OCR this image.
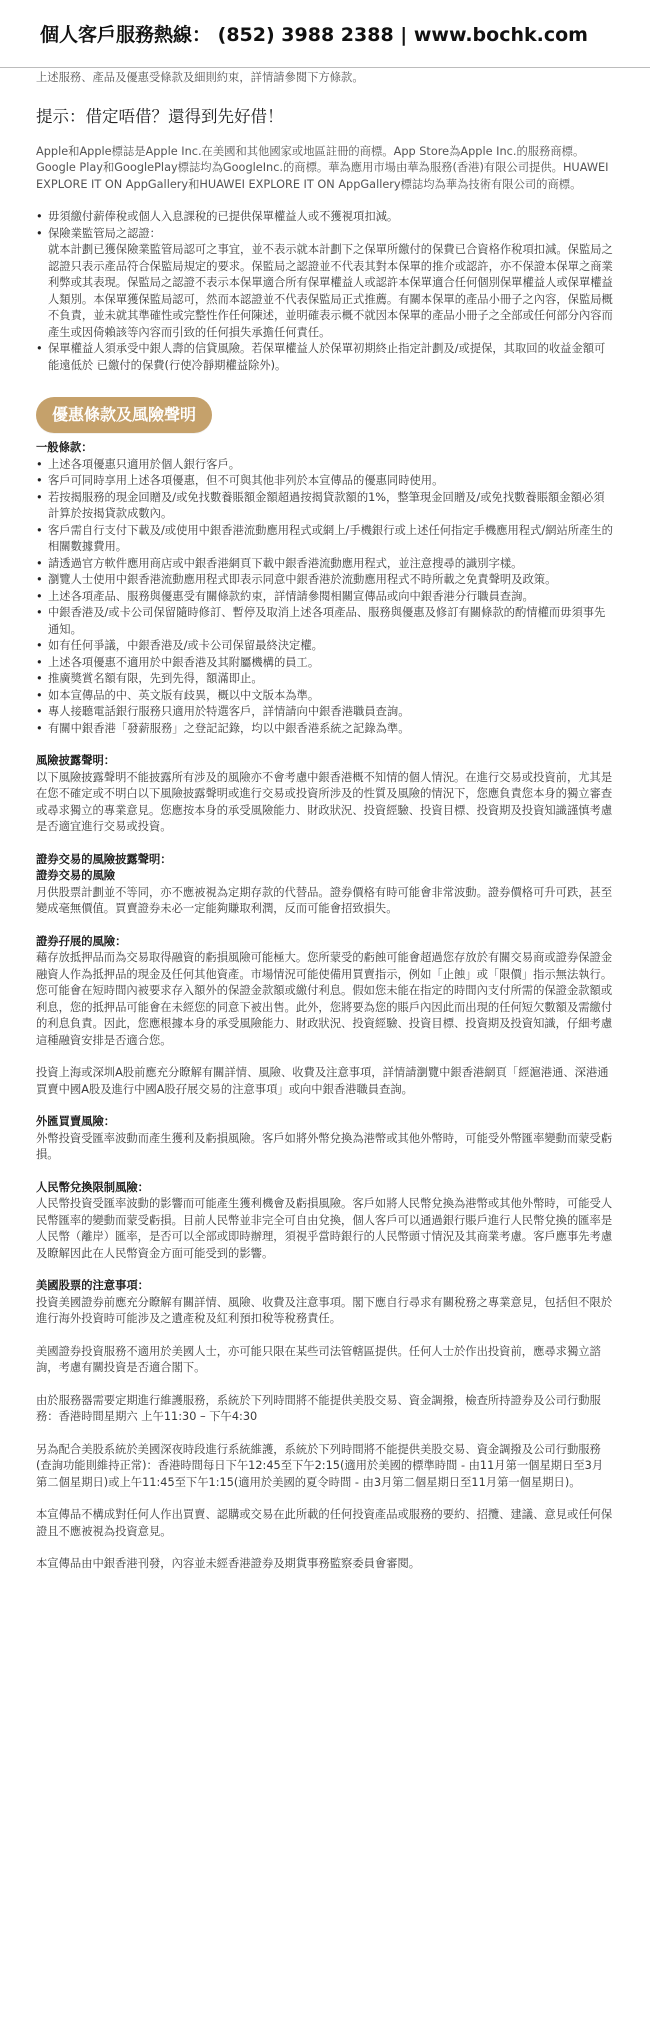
個人客戶服務熱線： (852) 3988 2388 | www.bochk.com
上述服務、產品及優惠受條款及細則約束，詳情請參閱下方條款。
提示：借定唔借？還得到先好借！
Apple和Apple標誌是Apple Inc.在美國和其他國家或地區註冊的商標。App Store為Apple Inc.的服務商標。Google Play和GooglePlay標誌均為GoogleInc.的商標。華為應用市場由華為服務(香港)有限公司提供。HUAWEI EXPLORE IT ON AppGallery和HUAWEI EXPLORE IT ON AppGallery標誌均為華為技術有限公司的商標。
• 毋須繳付薪俸稅或個人入息課稅的已提供保單權益人或不獲視項扣減。
• 保險業監管局之認證：
就本計劃已獲保險業監管局認可之事宜，並不表示就本計劃下之保單所繳付的保費已合資格作稅項扣減。保監局之認證只表示產品符合保監局規定的要求。保監局之認證並不代表其對本保單的推介或認許，亦不保證本保單之商業利弊或其表現。保監局之認證不表示本保單適合所有保單權益人或認許本保單適合任何個別保單權益人或保單權益人類別。本保單獲保監局認可，然而本認證並不代表保監局正式推薦。有關本保單的產品小冊子之內容，保監局概不負責，並未就其準確性或完整性作任何陳述，並明確表示概不就因本保單的產品小冊子之全部或任何部分內容而產生或因倚賴該等內容而引致的任何損失承擔任何責任。
• 保單權益人須承受中銀人壽的信貸風險。若保單權益人於保單初期終止指定計劃及/或提保，其取回的收益金額可能遠低於 已繳付的保費(行使冷靜期權益除外)。
優惠條款及風險聲明
一般條款：
• 上述各項優惠只適用於個人銀行客戶。
• 客戶可同時享用上述各項優惠，但不可與其他非列於本宣傳品的優惠同時使用。
• 若按揭服務的現金回贈及/或免找數養賬額金額超過按揭貸款額的1%，整筆現金回贈及/或免找數養賬額金額必須計算於按揭貸款成數內。
• 客戶需自行支付下載及/或使用中銀香港流動應用程式或網上/手機銀行或上述任何指定手機應用程式/網站所產生的相關數據費用。
• 請透過官方軟件應用商店或中銀香港網頁下載中銀香港流動應用程式，並注意搜尋的識別字樣。
• 瀏覽人士使用中銀香港流動應用程式即表示同意中銀香港於流動應用程式不時所載之免責聲明及政策。
• 上述各項產品、服務與優惠受有關條款約束，詳情請參閱相關宣傳品或向中銀香港分行職員查詢。
• 中銀香港及/或卡公司保留隨時修訂、暫停及取消上述各項產品、服務與優惠及修訂有關條款的酌情權而毋須事先通知。
• 如有任何爭議，中銀香港及/或卡公司保留最終決定權。
• 上述各項優惠不適用於中銀香港及其附屬機構的員工。
• 推廣獎賞名額有限，先到先得，額滿即止。
• 如本宣傳品的中、英文版有歧異，概以中文版本為準。
• 專人接聽電話銀行服務只適用於特選客戶，詳情請向中銀香港職員查詢。
• 有關中銀香港「發薪服務」之登記記錄，均以中銀香港系統之記錄為準。
風險披露聲明：
以下風險披露聲明不能披露所有涉及的風險亦不會考慮中銀香港概不知情的個人情況。在進行交易或投資前，尤其是在您不確定或不明白以下風險披露聲明或進行交易或投資所涉及的性質及風險的情況下，您應負責您本身的獨立審查或尋求獨立的專業意見。您應按本身的承受風險能力、財政狀況、投資經驗、投資目標、投資期及投資知識謹慎考慮是否適宜進行交易或投資。
證券交易的風險披露聲明：
證券交易的風險
月供股票計劃並不等同，亦不應被視為定期存款的代替品。證券價格有時可能會非常波動。證券價格可升可跌，甚至變成毫無價值。買賣證券未必一定能夠賺取利潤，反而可能會招致損失。
證券孖展的風險：
藉存放抵押品而為交易取得融資的虧損風險可能極大。您所蒙受的虧蝕可能會超過您存放於有關交易商或證券保證金融資人作為抵押品的現金及任何其他資產。市場情況可能使備用買賣指示，例如「止蝕」或「限價」指示無法執行。您可能會在短時間內被要求存入額外的保證金款額或繳付利息。假如您未能在指定的時間內支付所需的保證金款額或利息，您的抵押品可能會在未經您的同意下被出售。此外，您將要為您的賬戶內因此而出現的任何短欠數額及需繳付的利息負責。因此，您應根據本身的承受風險能力、財政狀況、投資經驗、投資目標、投資期及投資知識，仔細考慮這種融資安排是否適合您。
投資上海或深圳A股前應充分瞭解有關詳情、風險、收費及注意事項，詳情請瀏覽中銀香港網頁「經滬港通、深港通買賣中國A股及進行中國A股孖展交易的注意事項」或向中銀香港職員查詢。
外匯買賣風險：
外幣投資受匯率波動而產生獲利及虧損風險。客戶如將外幣兌換為港幣或其他外幣時，可能受外幣匯率變動而蒙受虧損。
人民幣兌換限制風險：
人民幣投資受匯率波動的影響而可能產生獲利機會及虧損風險。客戶如將人民幣兌換為港幣或其他外幣時，可能受人民幣匯率的變動而蒙受虧損。目前人民幣並非完全可自由兌換，個人客戶可以通過銀行賬戶進行人民幣兌換的匯率是人民幣（離岸）匯率，是否可以全部或即時辦理，須視乎當時銀行的人民幣頭寸情況及其商業考慮。客戶應事先考慮及瞭解因此在人民幣資金方面可能受到的影響。
美國股票的注意事項：
投資美國證券前應充分瞭解有關詳情、風險、收費及注意事項。閣下應自行尋求有關稅務之專業意見，包括但不限於進行海外投資時可能涉及之遺產稅及紅利預扣稅等稅務責任。
美國證券投資服務不適用於美國人士，亦可能只限在某些司法管轄區提供。任何人士於作出投資前，應尋求獨立諮詢，考慮有關投資是否適合閣下。
由於服務器需要定期進行維護服務，系統於下列時間將不能提供美股交易、資金調撥，檢查所持證券及公司行動服務：香港時間星期六 上午11:30 – 下午4:30
另為配合美股系統於美國深夜時段進行系統維護，系統於下列時間將不能提供美股交易、資金調撥及公司行動服務(查詢功能則維持正常)：香港時間每日下午12:45至下午2:15(適用於美國的標準時間 - 由11月第一個星期日至3月第二個星期日)或上午11:45至下午1:15(適用於美國的夏令時間 - 由3月第二個星期日至11月第一個星期日)。
本宣傳品不構成對任何人作出買賣、認購或交易在此所載的任何投資產品或服務的要約、招攬、建議、意見或任何保證且不應被視為投資意見。
本宣傳品由中銀香港刊發，內容並未經香港證券及期貨事務監察委員會審閱。
